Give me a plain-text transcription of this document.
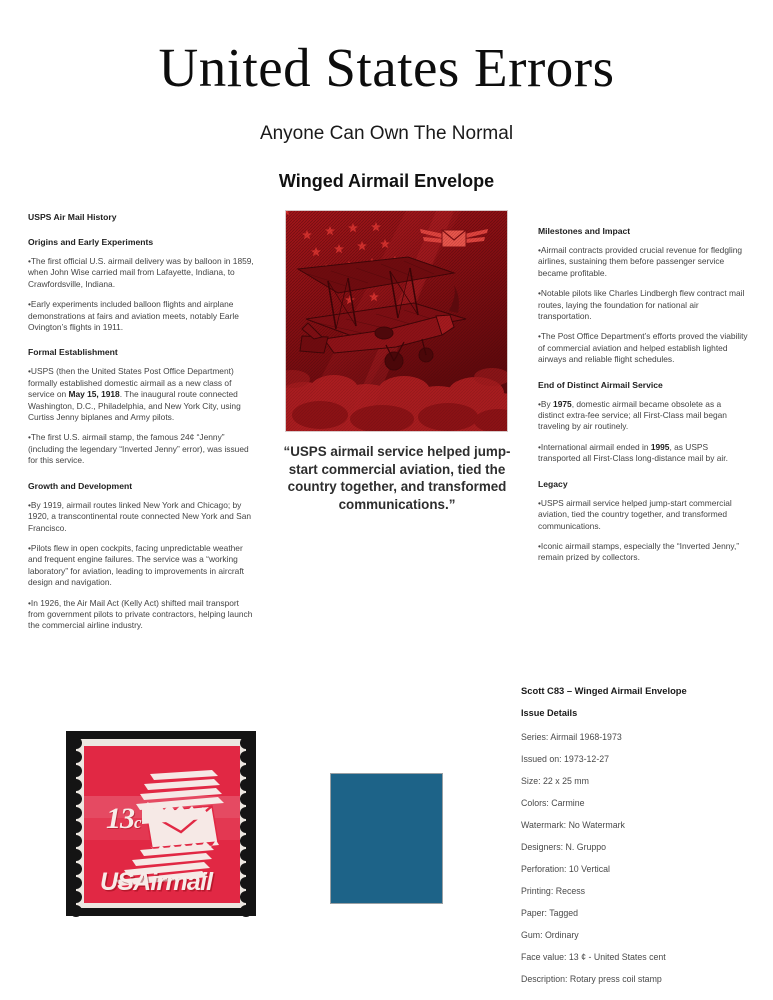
United States Errors
Anyone Can Own The Normal
Winged Airmail Envelope
USPS Air Mail History
Origins and Early Experiments
•The first official U.S. airmail delivery was by balloon in 1859, when John Wise carried mail from Lafayette, Indiana, to Crawfordsville, Indiana.
•Early experiments included balloon flights and airplane demonstrations at fairs and aviation meets, notably Earle Ovington’s flights in 1911.
Formal Establishment
•USPS (then the United States Post Office Department) formally established domestic airmail as a new class of service on May 15, 1918. The inaugural route connected Washington, D.C., Philadelphia, and New York City, using Curtiss Jenny biplanes and Army pilots.
•The first U.S. airmail stamp, the famous 24¢ “Jenny” (including the legendary “Inverted Jenny” error), was issued for this service.
Growth and Development
•By 1919, airmail routes linked New York and Chicago; by 1920, a transcontinental route connected New York and San Francisco.
•Pilots flew in open cockpits, facing unpredictable weather and frequent engine failures. The service was a “working laboratory” for aviation, leading to improvements in aircraft design and navigation.
•In 1926, the Air Mail Act (Kelly Act) shifted mail transport from government pilots to private contractors, helping launch the commercial airline industry.
Milestones and Impact
•Airmail contracts provided crucial revenue for fledgling airlines, sustaining them before passenger service became profitable.
•Notable pilots like Charles Lindbergh flew contract mail routes, laying the foundation for national air transportation.
•The Post Office Department’s efforts proved the viability of commercial aviation and helped establish lighted airways and reliable flight schedules.
End of Distinct Airmail Service
•By 1975, domestic airmail became obsolete as a distinct extra-fee service; all First-Class mail began traveling by air routinely.
•International airmail ended in 1995, as USPS transported all First-Class long-distance mail by air.
Legacy
•USPS airmail service helped jump-start commercial aviation, tied the country together, and transformed communications.
•Iconic airmail stamps, especially the “Inverted Jenny,” remain prized by collectors.
“USPS airmail service helped jump-start commercial aviation, tied the country together, and transformed communications.”
13c
USAirmail
Scott C83 – Winged Airmail Envelope
Issue Details
Series: Airmail 1968-1973
Issued on: 1973-12-27
Size: 22 x 25 mm
Colors: Carmine
Watermark: No Watermark
Designers: N. Gruppo
Perforation: 10 Vertical
Printing: Recess
Paper: Tagged
Gum: Ordinary
Face value: 13 ¢ - United States cent
Description: Rotary press coil stamp
